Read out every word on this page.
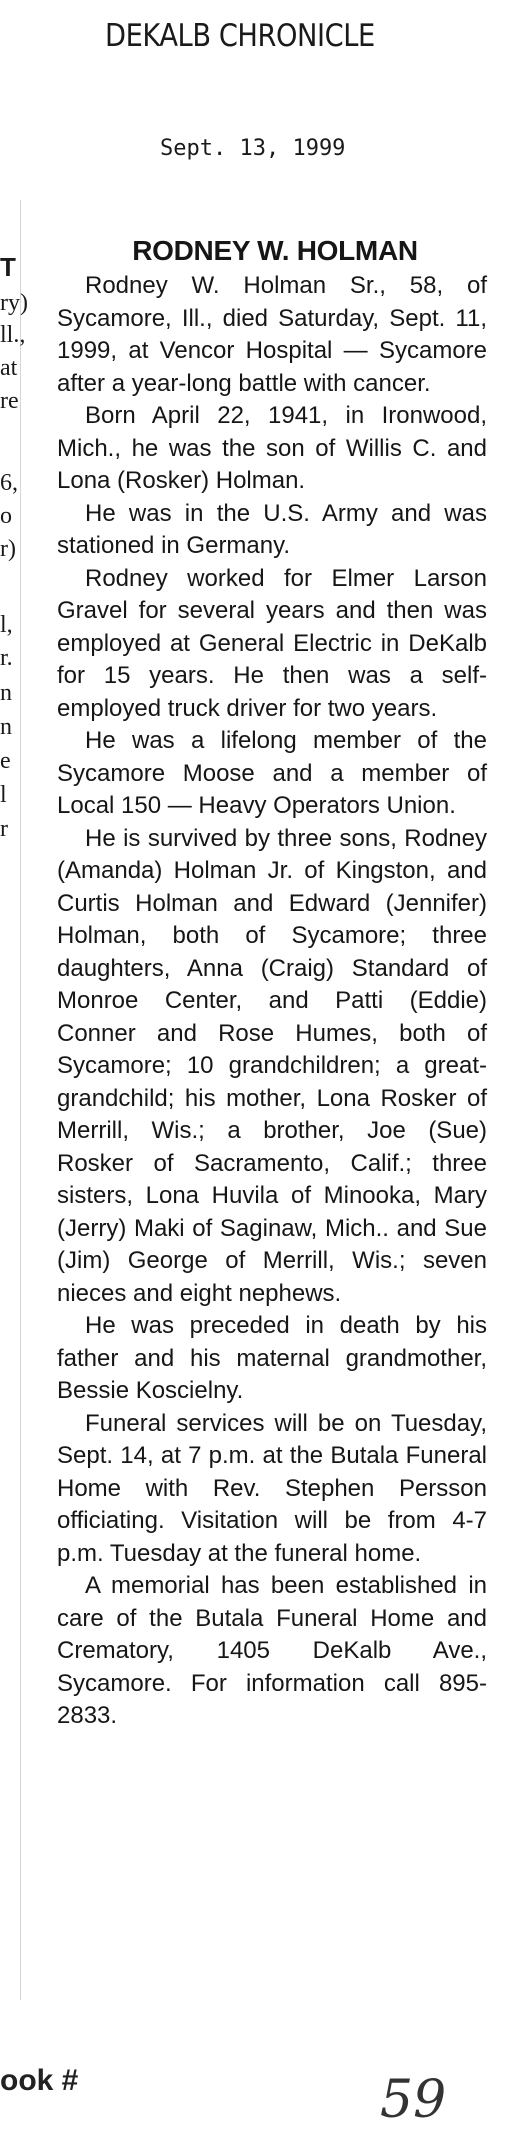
DEKALB CHRONICLE
Sept. 13, 1999
T
ry)
ll.,
at
re
6,
o
r)
l,
r.
n
n
e
l
r
RODNEY W. HOLMAN

Rodney W. Holman Sr., 58, of Sycamore, Ill., died Saturday, Sept. 11, 1999, at Vencor Hospital — Sycamore after a year-long battle with cancer.

Born April 22, 1941, in Ironwood, Mich., he was the son of Willis C. and Lona (Rosker) Holman.

He was in the U.S. Army and was stationed in Germany.

Rodney worked for Elmer Larson Gravel for several years and then was employed at General Electric in DeKalb for 15 years. He then was a self-employed truck driver for two years.

He was a lifelong member of the Sycamore Moose and a member of Local 150 — Heavy Operators Union.

He is survived by three sons, Rodney (Amanda) Holman Jr. of Kingston, and Curtis Holman and Edward (Jennifer) Holman, both of Sycamore; three daughters, Anna (Craig) Standard of Monroe Center, and Patti (Eddie) Conner and Rose Humes, both of Sycamore; 10 grandchildren; a great-grandchild; his mother, Lona Rosker of Merrill, Wis.; a brother, Joe (Sue) Rosker of Sacramento, Calif.; three sisters, Lona Huvila of Minooka, Mary (Jerry) Maki of Saginaw, Mich.. and Sue (Jim) George of Merrill, Wis.; seven nieces and eight nephews.

He was preceded in death by his father and his maternal grandmother, Bessie Koscielny.

Funeral services will be on Tuesday, Sept. 14, at 7 p.m. at the Butala Funeral Home with Rev. Stephen Persson officiating. Visitation will be from 4-7 p.m. Tuesday at the funeral home.

A memorial has been established in care of the Butala Funeral Home and Crematory, 1405 DeKalb Ave., Sycamore. For information call 895-2833.

ook #	59
